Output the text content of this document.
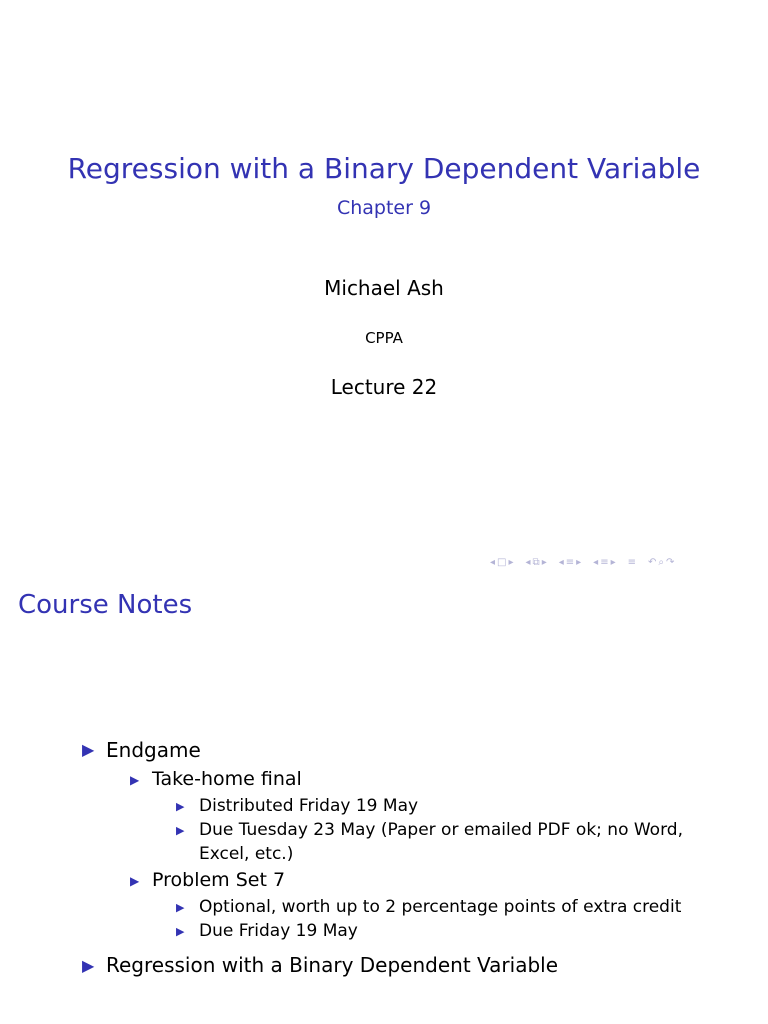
Regression with a Binary Dependent Variable
Chapter 9
Michael Ash
CPPA
Lecture 22
◂ □ ▸ ◂ ⧉ ▸ ◂ ≡ ▸ ◂ ≡ ▸ ≡ ↶ ⌕ ↷
Course Notes
▶ Endgame
▶ Take-home final
▶ Distributed Friday 19 May
▶ Due Tuesday 23 May (Paper or emailed PDF ok; no Word,
Excel, etc.)
▶ Problem Set 7
▶ Optional, worth up to 2 percentage points of extra credit
▶ Due Friday 19 May
▶ Regression with a Binary Dependent Variable
